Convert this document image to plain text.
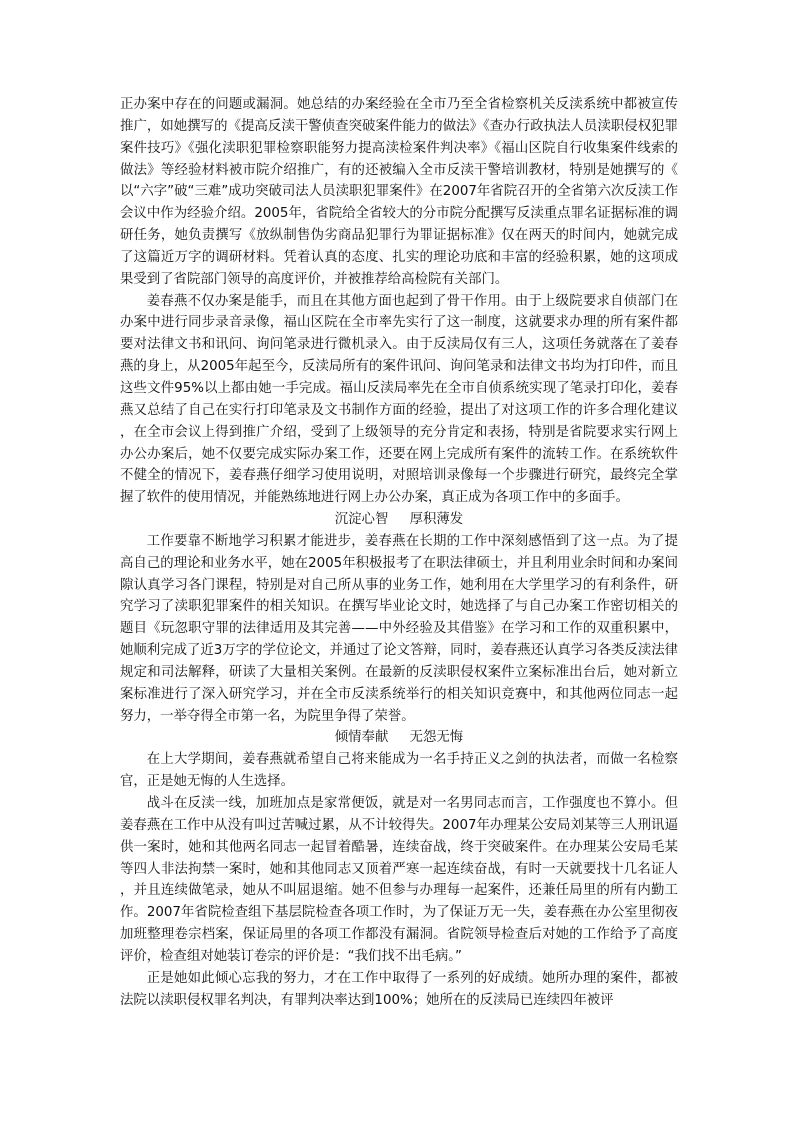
正办案中存在的问题或漏洞。她总结的办案经验在全市乃至全省检察机关反渎系统中都被宣传推广，如她撰写的《提高反渎干警侦查突破案件能力的做法》《查办行政执法人员渎职侵权犯罪案件技巧》《强化渎职犯罪检察职能努力提高渎检案件判决率》《福山区院自行收集案件线索的做法》等经验材料被市院介绍推广，有的还被编入全市反渎干警培训教材，特别是她撰写的《以“六字”破“三难”成功突破司法人员渎职犯罪案件》在2007年省院召开的全省第六次反渎工作会议中作为经验介绍。2005年，省院给全省较大的分市院分配撰写反渎重点罪名证据标准的调研任务，她负责撰写《放纵制售伪劣商品犯罪行为罪证据标准》仅在两天的时间内，她就完成了这篇近万字的调研材料。凭着认真的态度、扎实的理论功底和丰富的经验积累，她的这项成果受到了省院部门领导的高度评价，并被推荐给高检院有关部门。

姜春燕不仅办案是能手，而且在其他方面也起到了骨干作用。由于上级院要求自侦部门在办案中进行同步录音录像，福山区院在全市率先实行了这一制度，这就要求办理的所有案件都要对法律文书和讯问、询问笔录进行微机录入。由于反渎局仅有三人，这项任务就落在了姜春燕的身上，从2005年起至今，反渎局所有的案件讯问、询问笔录和法律文书均为打印件，而且这些文件95%以上都由她一手完成。福山反渎局率先在全市自侦系统实现了笔录打印化，姜春燕又总结了自己在实行打印笔录及文书制作方面的经验，提出了对这项工作的许多合理化建议，在全市会议上得到推广介绍，受到了上级领导的充分肯定和表扬，特别是省院要求实行网上办公办案后，她不仅要完成实际办案工作，还要在网上完成所有案件的流转工作。在系统软件不健全的情况下，姜春燕仔细学习使用说明，对照培训录像每一个步骤进行研究，最终完全掌握了软件的使用情况，并能熟练地进行网上办公办案，真正成为各项工作中的多面手。

沉淀心智     厚积薄发

工作要靠不断地学习积累才能进步，姜春燕在长期的工作中深刻感悟到了这一点。为了提高自己的理论和业务水平，她在2005年积极报考了在职法律硕士，并且利用业余时间和办案间隙认真学习各门课程，特别是对自己所从事的业务工作，她利用在大学里学习的有利条件，研究学习了渎职犯罪案件的相关知识。在撰写毕业论文时，她选择了与自己办案工作密切相关的题目《玩忽职守罪的法律适用及其完善——中外经验及其借鉴》在学习和工作的双重积累中，她顺利完成了近3万字的学位论文，并通过了论文答辩，同时，姜春燕还认真学习各类反渎法律规定和司法解释，研读了大量相关案例。在最新的反渎职侵权案件立案标准出台后，她对新立案标准进行了深入研究学习，并在全市反渎系统举行的相关知识竞赛中，和其他两位同志一起努力，一举夺得全市第一名，为院里争得了荣誉。

倾情奉献     无怨无悔

在上大学期间，姜春燕就希望自己将来能成为一名手持正义之剑的执法者，而做一名检察官，正是她无悔的人生选择。

战斗在反渎一线，加班加点是家常便饭，就是对一名男同志而言，工作强度也不算小。但姜春燕在工作中从没有叫过苦喊过累，从不计较得失。2007年办理某公安局刘某等三人刑讯逼供一案时，她和其他两名同志一起冒着酷暑，连续奋战，终于突破案件。在办理某公安局毛某等四人非法拘禁一案时，她和其他同志又顶着严寒一起连续奋战，有时一天就要找十几名证人，并且连续做笔录，她从不叫屈退缩。她不但参与办理每一起案件，还兼任局里的所有内勤工作。2007年省院检查组下基层院检查各项工作时，为了保证万无一失，姜春燕在办公室里彻夜加班整理卷宗档案，保证局里的各项工作都没有漏洞。省院领导检查后对她的工作给予了高度评价，检查组对她装订卷宗的评价是：“我们找不出毛病。”

正是她如此倾心忘我的努力，才在工作中取得了一系列的好成绩。她所办理的案件，都被法院以渎职侵权罪名判决，有罪判决率达到100%；她所在的反渎局已连续四年被评
